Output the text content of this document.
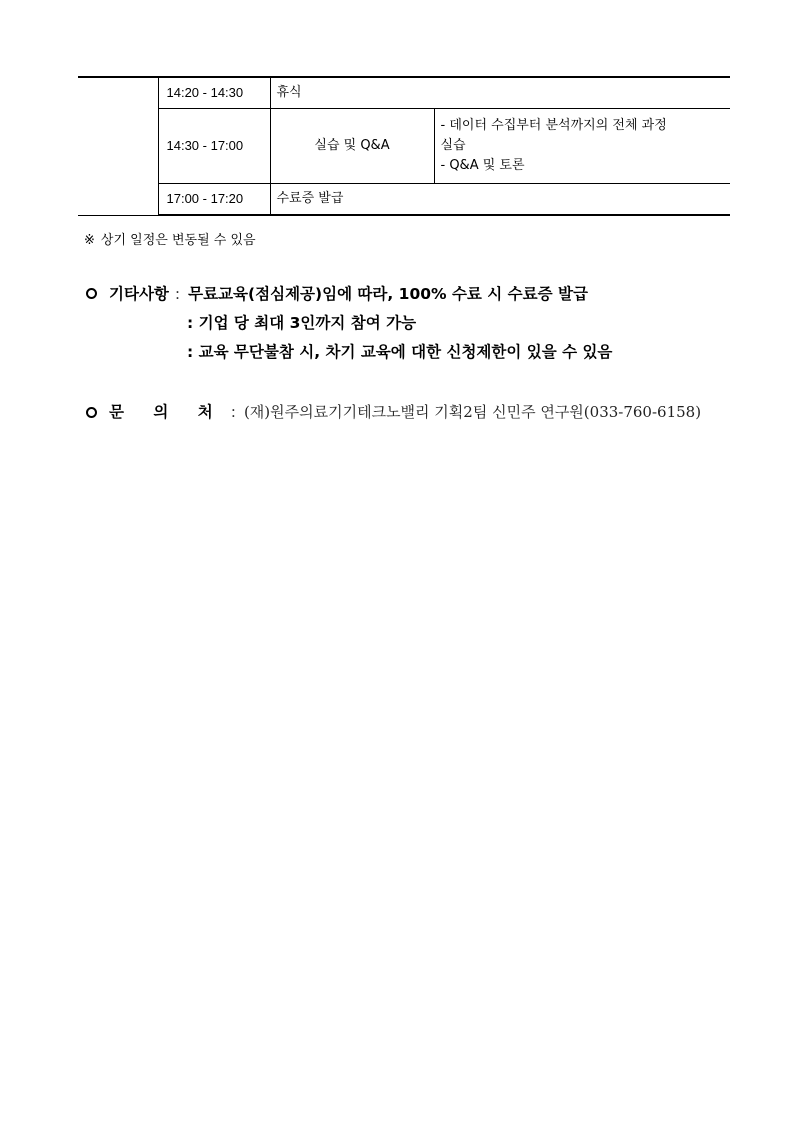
	14:20 - 14:30	휴식	
	14:30 - 17:00	실습 및 Q&A	- 데이터 수집부터 분석까지의 전체 과정
실습
- Q&A 및 토론

	17:00 - 17:20	수료증 발급	
※ 상기 일정은 변동될 수 있음
기타사항 : 무료교육(점심제공)임에 따라, 100% 수료 시 수료증 발급
: 기업 당 최대 3인까지 참여 가능
: 교육 무단불참 시, 차기 교육에 대한 신청제한이 있을 수 있음
문 의 처 : (재)원주의료기기테크노밸리 기획2팀 신민주 연구원(033-760-6158)
